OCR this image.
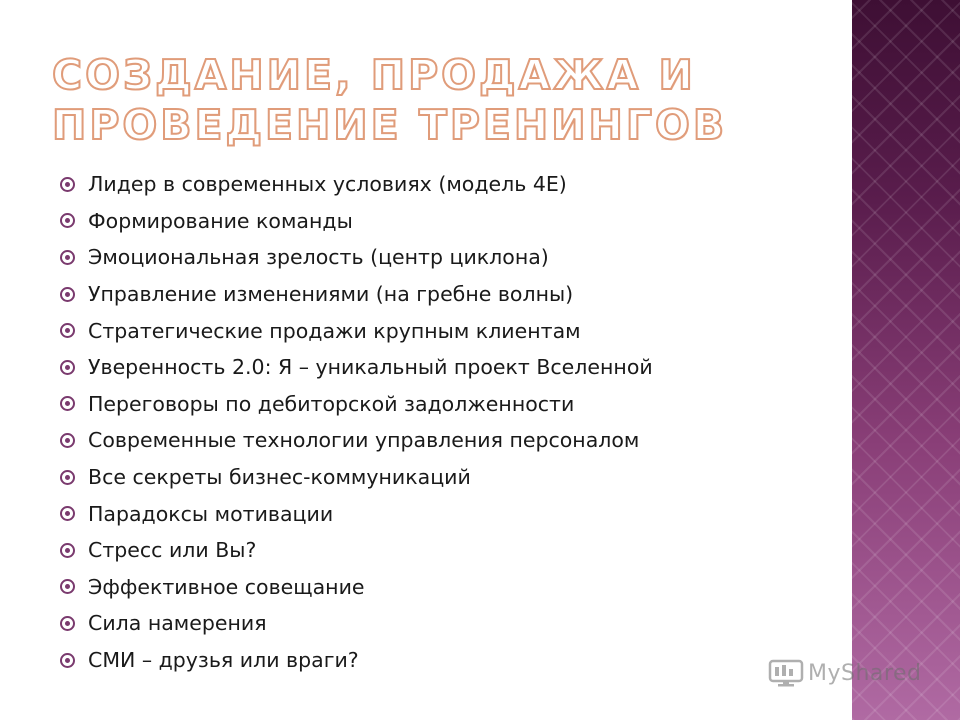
СОЗДАНИЕ, ПРОДАЖА И
ПРОВЕДЕНИЕ ТРЕНИНГОВ
Лидер в современных условиях (модель 4Е)
Формирование команды
Эмоциональная зрелость (центр циклона)
Управление изменениями (на гребне волны)
Стратегические продажи крупным клиентам
Уверенность 2.0: Я – уникальный проект Вселенной
Переговоры по дебиторской задолженности
Современные технологии управления персоналом
Все секреты бизнес-коммуникаций
Парадоксы мотивации
Стресс или Вы?
Эффективное совещание
Сила намерения
СМИ – друзья или враги?
MyShared
